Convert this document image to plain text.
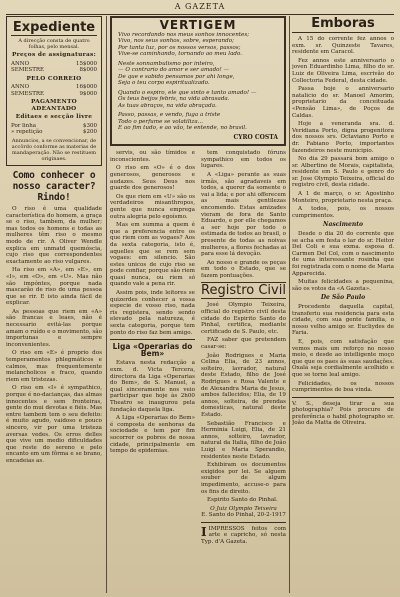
A GAZETA
Expediente
A direcção consta de quatro folhas, pelo mensal.
Preços de assignaturas:
ANNO	15$000
SEMESTRE	8$000
PELO CORREIO
ANNO	16$000
SEMESTRE	9$000
PAGAMENTO ADEANTADO
Editaes e secção livre
Por linha	$300
» repetição	$200
Annuncios, a se convencionar, de accôrdo conforme as materias de mandaperação. Não se restituem originaes.
Como conhecer o nosso caracter? Rindo!

O riso é uma qualidade característica do homem, a graça se o riso, tambem, da mulher; mas todos os homens e todas as mulheres têm riso o mesmo modo de rir. A Oliver Wendle explica em unmatd quemóscia, cujo riso que correspondentes exactamente ao riso vulgares.

Ha riso em «A», em «E», em «I», em «O», em «U». Mas não são impóntes, porque nada mascarão de riso de uma pessoa que se rir. E isto ainda fácil de explicar.

As pessoas que riem em «A» são francas e leaes, não é necessario evitá-las porque amam o ruído e o movimento, são importunas e sempre inconvenientes.

O riso em «E» é proprio dos temperamentos phlegmáticos e calmos, mas frequentemente melancholicos e fraco, quando riem em tristezas.

O riso em «I» é sympathico, porque é no-dacianças, das almas innocentes e sem fronteiras, gente do mui devotas e fiéis. Mas entre tambem tem o seu defeito: é muito agudo, vaidoso e pouco sincero, vir por uma tristeza aversas vedes. Os erros delles que vive um medio dificuldades que reste do sereno e pelo encanto em um fôrma e se brano, encadeias as.

VERTIGEM
Vivo recordando nos meus sonhos innocentes;
Vivo, nos seus sonhos, sobre, esperando;
Por tanta luz, por os nossos versos, passos;
Vive-se caminhando, tornando ao meu lado.
Neste sonnambulismo por inteiro,
— O contrario do amor e ser amado! —
De que e sabido pensamos por ahi longe,
Seja o teu corpo espiritualizado.
Quando o espiro, ele que sinto e tanto amado! —
Os teus beijos febris, na vida abrasada.
As tuas abraços, na vida abraçada.
Passo, passas, e vendo, fuga a triste
Todo o perfume se volatiliza...
E ao fim tudo, e ao vão, te entende, no brasil.
CYRO COSTA

servis, ou são tímidos e inconscientes.

O riso em «O» é o dos generosos, generosos e audazes. Seus Deus nos guarde dos generosos!

Os que riem em «U» são os verdadeiros misanthropos, gente que nunca emprega outra alegria pelo egoísmo.

Mas em summa a quem é que a preferencia entre os que riem com as vogaes? Aos da sexta categoria, isto é, aquelles que se rem sem vogaes: em silencio. São estes unicos de cujo riso se pode confiar, porque são riem quasi nunca, ou riem só quando vale a pena rir.

Assim pois, inde leitores se quizerdes conhecer a vossa especie de vosso riso, nada ris registera, sendo sendo elevado pela natureza, é sexta categoria, porque tem ponto do riso faz bem amigo.

Liga «Operarias do Bem»

Estava nesta redacção a exm. d. Victa Tercera, directora da Liga «Operarias do Bem», de S. Manuel, a qual sinceramente nos veio participar que hoje às 2h00 Theatro se inaugurou pela fundação daquela liga.

A Liga «Operarias do Bem» é composta de senhoras da sociedade e tem por fim socorrer os pobres de nossa cidade, principalmente em tempo de epidemias.

tem conquistado fóruns sympathico em todos os lugares.

A «Liga» perante as suas irmãs, são agradaveis em todos, a querer da somente o vai a lida; e por ahi offerecem as mais gentilezas encomendo. Estas amizades vieram de fora de Santo Eduardo, e por elle chegamos a ser hoje por todo o estimada de todos ao brasil, o presente de todas as noivas mulheres, a flores fechadas ai para esse lá devoção.

Ao nosso e grande os peças em todo o Estado, que se fazem pontuações.

Registro Civil

José Olympio Teixeira, official do registro civil desta cidade do Espirito Santo do Pinhal, certifica, mediante certificado de S. Paulo, etc.

FAZ saber que pretendem casar-se:

João Rodrigues e Maria Celina Elia, de 23 annos, solteiro, lavrador, natural deste Estado, filho de José Rodrigues e Rosa Valente e de Alexandra Maria de Jesus, ambos fallecidos; Elia, de 19 annos, solteira, de prendas domesticas, natural deste Estado.

Sebastião Francisco e Herminia Luigi, Elia, de 21 annos, solteiro, lavrador, natural da Italia, filho de João Luigi e Maria Sperandio, residentes neste Estado.

Exhibiram os documentos exigidos por lei. Se alguem souber de algum impedimento, accuse-o para os fins de direito.

Espirito Santo do Pinhal.

O Juiz Olympio Teixeira
E. Santo do Pinhal, 20-2-1917

IIMPRESSOS feitos com arte e capricho, só nesta Typ. d'A Gazeta.

Emboras

A 15 do corrente fez annos o exm. sr. Quinzeste Tavares, residente em Caracol.

Fez annos este anniversario o joven Eduardinho Lima, filho do sr. Luiz de Oliveira Lima, escrivão do Collectoria Federal, desta cidade.

Passa hoje o anniversario natalicio do sr. Manoel Amorim, proprietario da conceituada «Pensão Lima», de Poços de Caldas.

Hoje a veneranda sra. d. Veridiana Porto, digna progenitora dos nossos srs. Octaviano Porto e dr. Fabiano Porto, importantes fazendeiros neste municipio.

No dia 29 passará bom amigo o sr. Albertino de Morais, capitalista, residente em S. Paulo e genro do sr. Jose Olympio Teixeira, official do registro civil, desta cidade.

A 1 de março, o sr. Agostinho Monteiro, proprietario nesta praça.

A todos, pois, os nossos cumprimentos.

Nascimento

Desde o dia 20 do corrente que se acha em festa o lar do sr. Heitor Del Coli e sua exma. esposa d. Carmen Del Col, com o nascimento de uma interessante rosinha que foi registrada com o nome de Maria Apparecida.

Muitas felicidades a pequenina, são os votos da «A Gazeta».

De São Paulo

Procedente daquella capital, transferiu sua residencia para esta cidade, com sua gente familia, o nosso velho amigo sr. Eucliydes de Faria.

E, pois, com satisfação que vemos mais um reforço no nosso meio, e desde ao intelligente moço que que os paes ás suas saudações. Oxalá seja cordialmente acolhido e que se torne leal amigo.

Felicidades, os nossos cumprimentos de boa vinda.

V. S., deseja tirar a sua photographia? Pois procure de preferência o habil photographo sr. João da Matta de Oliveira.
